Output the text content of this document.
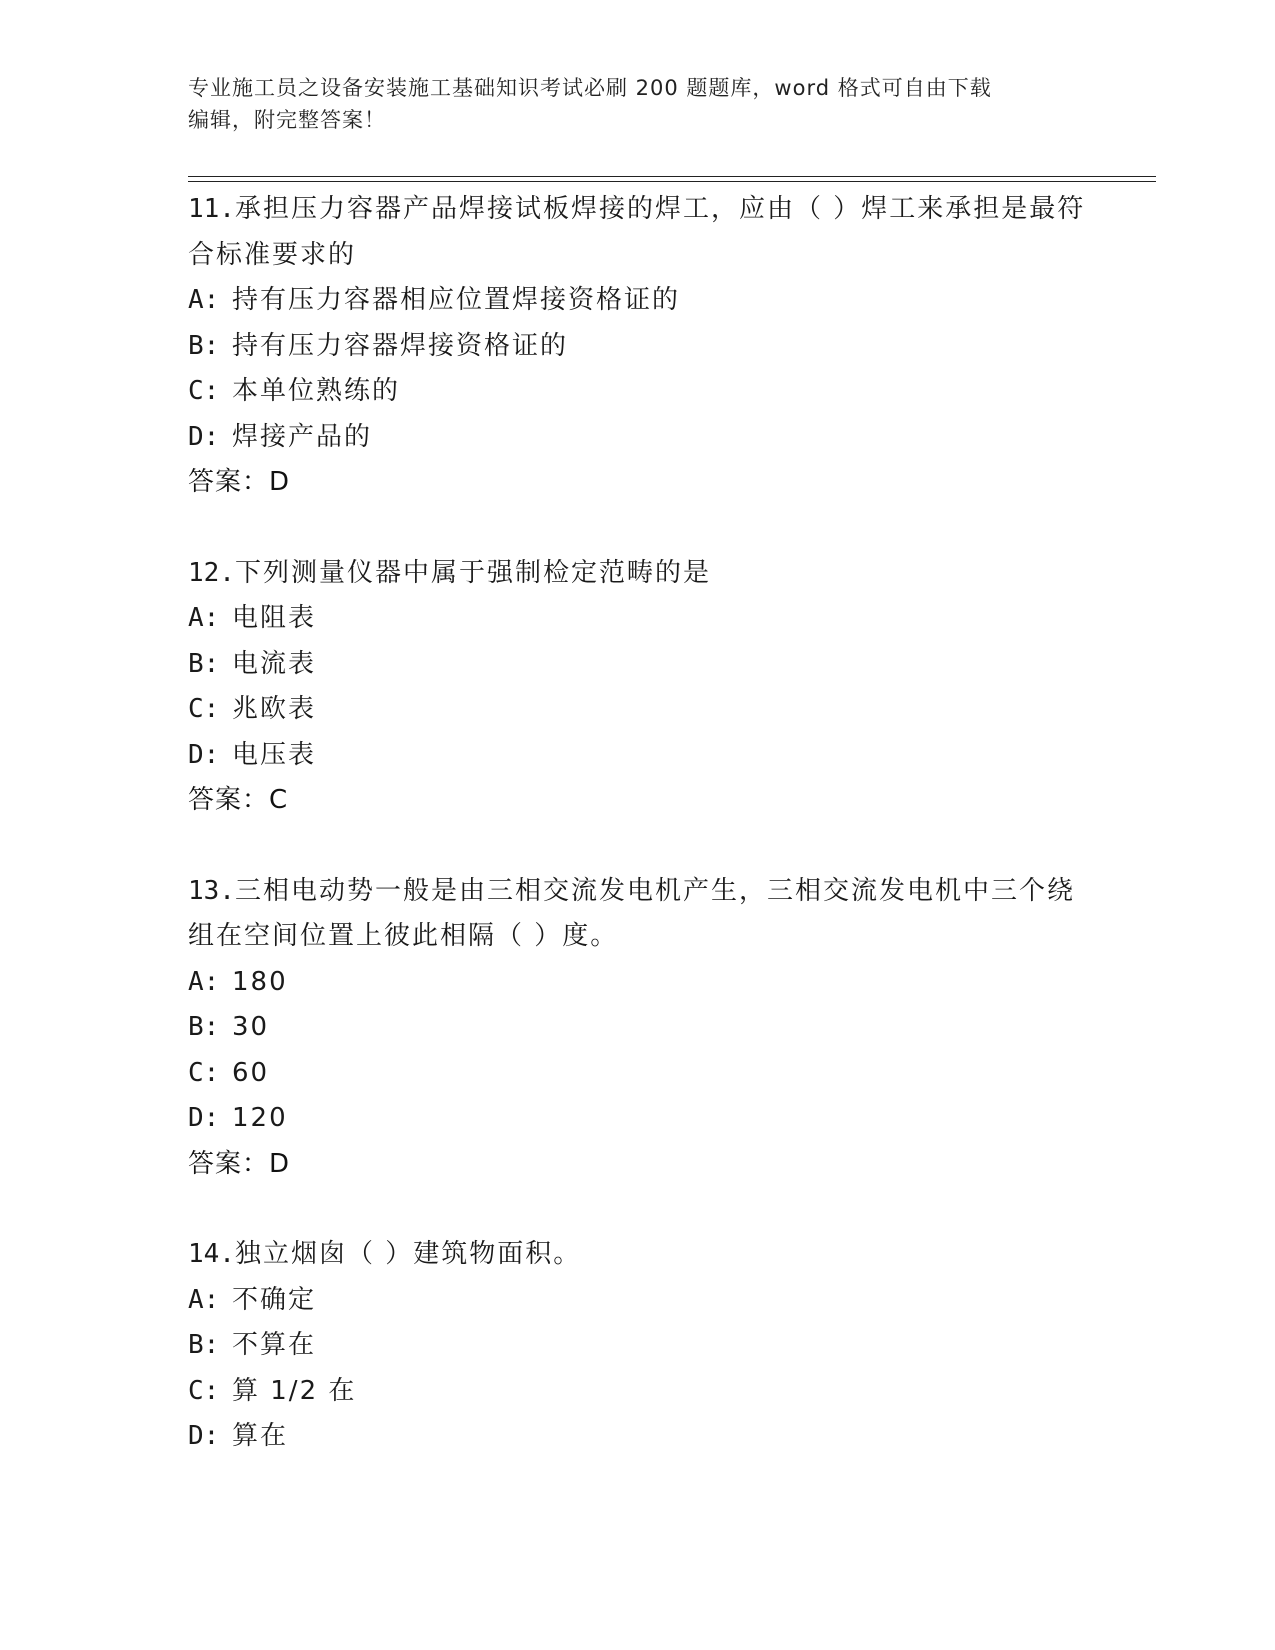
专业施工员之设备安装施工基础知识考试必刷 200 题题库，word 格式可自由下载
编辑，附完整答案！
11.承担压力容器产品焊接试板焊接的焊工，应由（ ）焊工来承担是最符合标准要求的
A: 持有压力容器相应位置焊接资格证的
B: 持有压力容器焊接资格证的
C: 本单位熟练的
D: 焊接产品的
答案：D
12.下列测量仪器中属于强制检定范畴的是
A: 电阻表
B: 电流表
C: 兆欧表
D: 电压表
答案：C
13.三相电动势一般是由三相交流发电机产生，三相交流发电机中三个绕组在空间位置上彼此相隔（ ）度。
A: 180
B: 30
C: 60
D: 120
答案：D
14.独立烟囱（ ）建筑物面积。
A: 不确定
B: 不算在
C: 算 1/2 在
D: 算在
